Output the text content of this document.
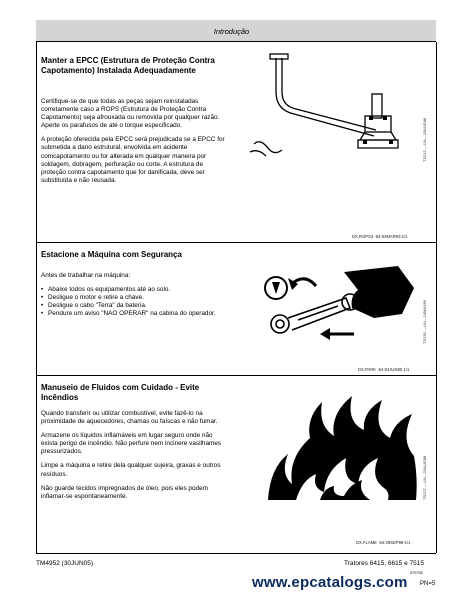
Introdução
Manter a EPCC (Estrutura de Proteção Contra Capotamento) Instalada Adequadamente

Certifique-se de que todas as peças sejam reinstaladas corretamente caso a ROPS (Estrutura de Proteção Contra Capotamento) seja afrouxada ou removida por qualquer razão. Aperte os parafusos de até o torque especificado.

A proteção oferecida pela EPCC será prejudicada se a EPCC for submetida a dano estrutural, envolvida em acidente comcapotamento ou for alterada em qualquer maneira por soldagem, dobragem, perfuração ou corte. A estrutura de proteção contra capotamento que for danificada, deve ser substituída e não reusada.

TS212 —UN—23AUG88
DX,ROPS3 -54-03MAR93-1/1
Estacione a Máquina com Segurança

Antes de trabalhar na máquina:

• Abaixe todos os equipamentos até ao solo.
• Desligue o motor e retire a chave.
• Desligue o cabo "Terra" da bateria.
• Pendure um aviso "NAO OPERAR" na cabina do operador.	TS230 —UN—24MAY89
DX,PARK -54-04JUN90-1/1
Manuseio de Fluidos com Cuidado - Evite Incêndios

Quando transferir ou utilizar combustível, evite fazê-lo na proximidade de aquecedores, chamas ou faíscas e não fumar.

Armazene os líquidos inflamáveis em lugar seguro onde não exista perigo de incêndio. Não perfure nem incinere vasilhames pressurizados.

Limpe a máquina e retire dela qualquer sujeira, graxas e outros resíduos.

Não guarde tecidos impregnados de óleo, pois eles podem inflamar-se espontaneamente.	TS227 —UN—23AUG88
DX,FLAME -54-29SEP98-1/1
TM4952 (30JUN05)	Tratores 6415, 6615 e 7515
070705
www.epcatalogs.com PN=5
